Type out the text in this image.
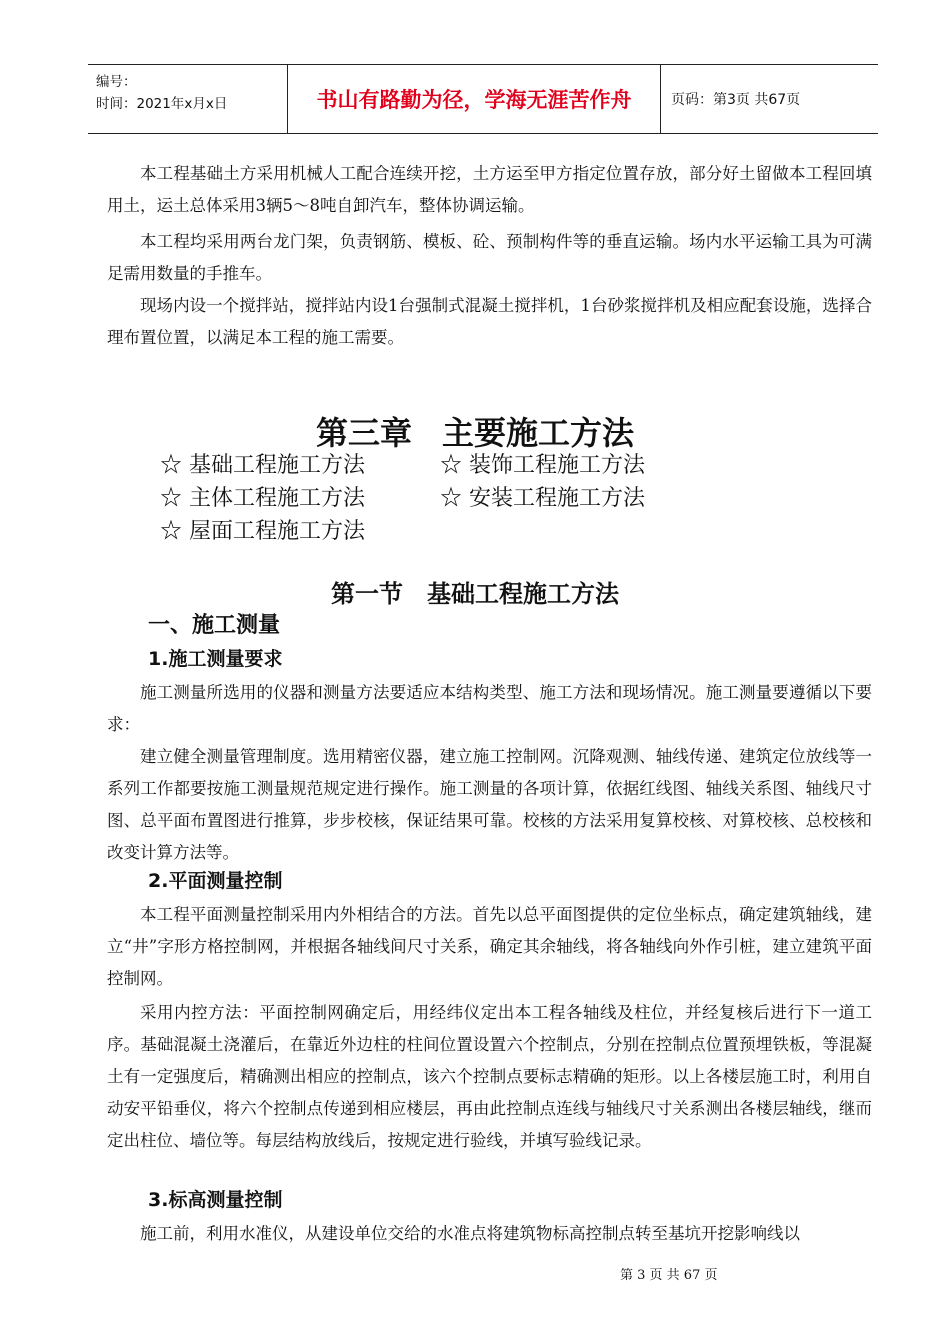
编号：
时间：2021年x月x日	书山有路勤为径，学海无涯苦作舟	页码：第3页 共67页

本工程基础土方采用机械人工配合连续开挖，土方运至甲方指定位置存放，部分好土留做本工程回填用土，运土总体采用3辆5～8吨自卸汽车，整体协调运输。

本工程均采用两台龙门架，负责钢筋、模板、砼、预制构件等的垂直运输。场内水平运输工具为可满足需用数量的手推车。

现场内设一个搅拌站，搅拌站内设1台强制式混凝土搅拌机，1台砂浆搅拌机及相应配套设施，选择合理布置位置，以满足本工程的施工需要。

第三章 主要施工方法
☆ 基础工程施工方法	☆ 装饰工程施工方法
☆ 主体工程施工方法	☆ 安装工程施工方法
☆ 屋面工程施工方法
第一节 基础工程施工方法
一、施工测量
1.施工测量要求

施工测量所选用的仪器和测量方法要适应本结构类型、施工方法和现场情况。施工测量要遵循以下要求：

建立健全测量管理制度。选用精密仪器，建立施工控制网。沉降观测、轴线传递、建筑定位放线等一系列工作都要按施工测量规范规定进行操作。施工测量的各项计算，依据红线图、轴线关系图、轴线尺寸图、总平面布置图进行推算，步步校核，保证结果可靠。校核的方法采用复算校核、对算校核、总校核和改变计算方法等。

2.平面测量控制

本工程平面测量控制采用内外相结合的方法。首先以总平面图提供的定位坐标点，确定建筑轴线，建立“井”字形方格控制网，并根据各轴线间尺寸关系，确定其余轴线，将各轴线向外作引桩，建立建筑平面控制网。

采用内控方法：平面控制网确定后，用经纬仪定出本工程各轴线及柱位，并经复核后进行下一道工序。基础混凝土浇灌后，在靠近外边柱的柱间位置设置六个控制点，分别在控制点位置预埋铁板，等混凝土有一定强度后，精确测出相应的控制点，该六个控制点要标志精确的矩形。以上各楼层施工时，利用自动安平铅垂仪，将六个控制点传递到相应楼层，再由此控制点连线与轴线尺寸关系测出各楼层轴线，继而定出柱位、墙位等。每层结构放线后，按规定进行验线，并填写验线记录。

3.标高测量控制

施工前，利用水准仪，从建设单位交给的水准点将建筑物标高控制点转至基坑开挖影响线以

第 3 页 共 67 页
